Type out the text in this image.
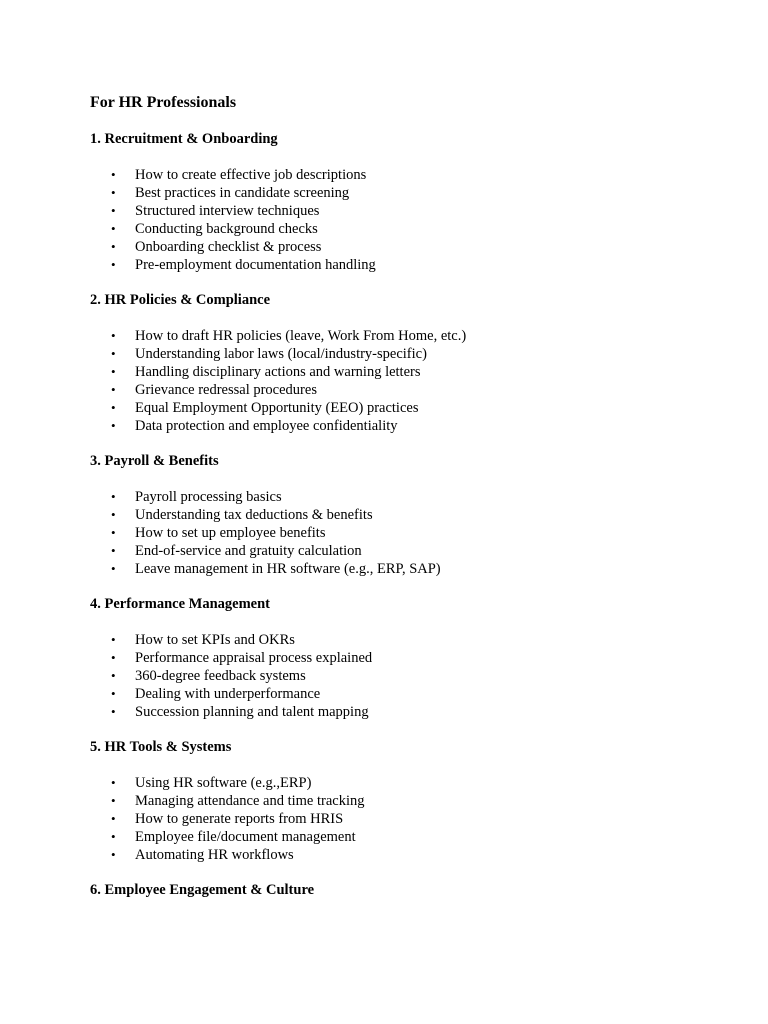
For HR Professionals
1. Recruitment & Onboarding
• How to create effective job descriptions
• Best practices in candidate screening
• Structured interview techniques
• Conducting background checks
• Onboarding checklist & process
• Pre-employment documentation handling
2. HR Policies & Compliance
• How to draft HR policies (leave, Work From Home, etc.)
• Understanding labor laws (local/industry-specific)
• Handling disciplinary actions and warning letters
• Grievance redressal procedures
• Equal Employment Opportunity (EEO) practices
• Data protection and employee confidentiality
3. Payroll & Benefits
• Payroll processing basics
• Understanding tax deductions & benefits
• How to set up employee benefits
• End-of-service and gratuity calculation
• Leave management in HR software (e.g., ERP, SAP)
4. Performance Management
• How to set KPIs and OKRs
• Performance appraisal process explained
• 360-degree feedback systems
• Dealing with underperformance
• Succession planning and talent mapping
5. HR Tools & Systems
• Using HR software (e.g.,ERP)
• Managing attendance and time tracking
• How to generate reports from HRIS
• Employee file/document management
• Automating HR workflows
6. Employee Engagement & Culture
